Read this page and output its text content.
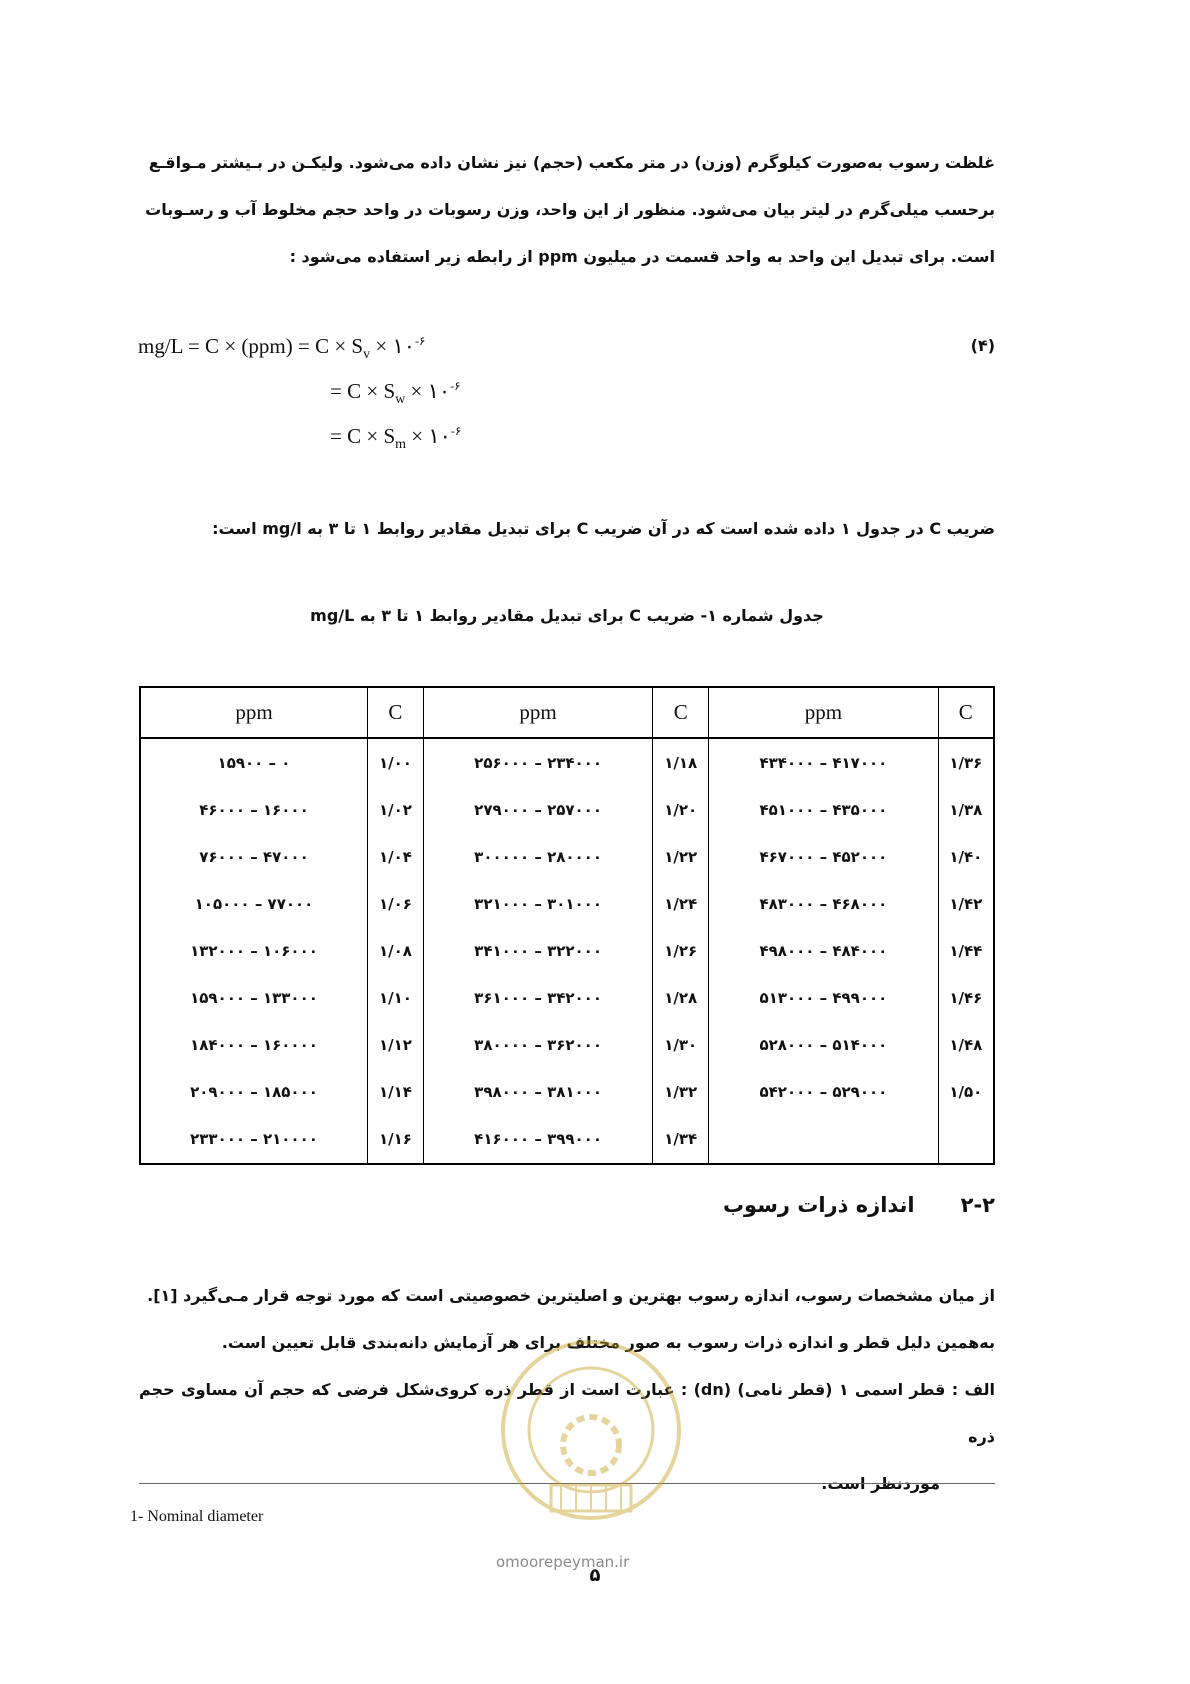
غلظت رسوب به‌صورت کیلوگرم (وزن) در متر مکعب (حجم) نیز نشان داده می‌شود. ولیکـن در بـیشتر مـواقـع

برحسب میلی‌گرم در لیتر بیان می‌شود. منظور از این واحد، وزن رسوبات در واحد حجم مخلوط آب و رسـوبات

است. برای تبدیل این واحد به واحد قسمت در میلیون ppm از رابطه زیر استفاده می‌شود :

$mg/L = C \times (ppm) = C \times S_v$ × $۱۰^{-۶}$
= $C \times S_w$ × $۱۰^{-۶}$
= $C \times S_m$ × $۱۰^{-۶}$
(۴)
ضریب C در جدول ۱ داده شده است که در آن ضریب C برای تبدیل مقادیر روابط ۱ تا ۳ به mg/l است:
جدول شماره ۱- ضریب C برای تبدیل مقادیر روابط ۱ تا ۳ به mg/L
C	ppm	C	ppm	C	ppm
۱/۳۶	۴۱۷۰۰۰ – ۴۳۴۰۰۰	۱/۱۸	۲۳۴۰۰۰ – ۲۵۶۰۰۰	۱/۰۰	۰ – ۱۵۹۰۰
۱/۳۸	۴۳۵۰۰۰ – ۴۵۱۰۰۰	۱/۲۰	۲۵۷۰۰۰ – ۲۷۹۰۰۰	۱/۰۲	۱۶۰۰۰ – ۴۶۰۰۰
۱/۴۰	۴۵۲۰۰۰ – ۴۶۷۰۰۰	۱/۲۲	۲۸۰۰۰۰ – ۳۰۰۰۰۰	۱/۰۴	۴۷۰۰۰ – ۷۶۰۰۰
۱/۴۲	۴۶۸۰۰۰ – ۴۸۳۰۰۰	۱/۲۴	۳۰۱۰۰۰ – ۳۲۱۰۰۰	۱/۰۶	۷۷۰۰۰ – ۱۰۵۰۰۰
۱/۴۴	۴۸۴۰۰۰ – ۴۹۸۰۰۰	۱/۲۶	۳۲۲۰۰۰ – ۳۴۱۰۰۰	۱/۰۸	۱۰۶۰۰۰ – ۱۳۲۰۰۰
۱/۴۶	۴۹۹۰۰۰ – ۵۱۳۰۰۰	۱/۲۸	۳۴۲۰۰۰ – ۳۶۱۰۰۰	۱/۱۰	۱۳۳۰۰۰ – ۱۵۹۰۰۰
۱/۴۸	۵۱۴۰۰۰ – ۵۲۸۰۰۰	۱/۳۰	۳۶۲۰۰۰ – ۳۸۰۰۰۰	۱/۱۲	۱۶۰۰۰۰ – ۱۸۴۰۰۰
۱/۵۰	۵۲۹۰۰۰ – ۵۴۲۰۰۰	۱/۳۲	۳۸۱۰۰۰ – ۳۹۸۰۰۰	۱/۱۴	۱۸۵۰۰۰ – ۲۰۹۰۰۰
		۱/۳۴	۳۹۹۰۰۰ – ۴۱۶۰۰۰	۱/۱۶	۲۱۰۰۰۰ – ۲۳۳۰۰۰
۲-۲اندازه ذرات رسوب

از میان مشخصات رسوب، اندازه رسوب بهترین و اصلیترین خصوصیتی است که مورد توجه قرار مـی‌گیرد [۱].

به‌همین دلیل قطر و اندازه ذرات رسوب به صور مختلف برای هر آزمایش دانه‌بندی قابل تعیین است.

الف : قطر اسمی ۱ (قطر نامی) (dn) : عبارت است از قطر ذره کروی‌شکل فرضی که حجم آن مساوی حجم ذره

موردنظر است.

1- Nominal diameter
omoorepeyman.ir
۵
